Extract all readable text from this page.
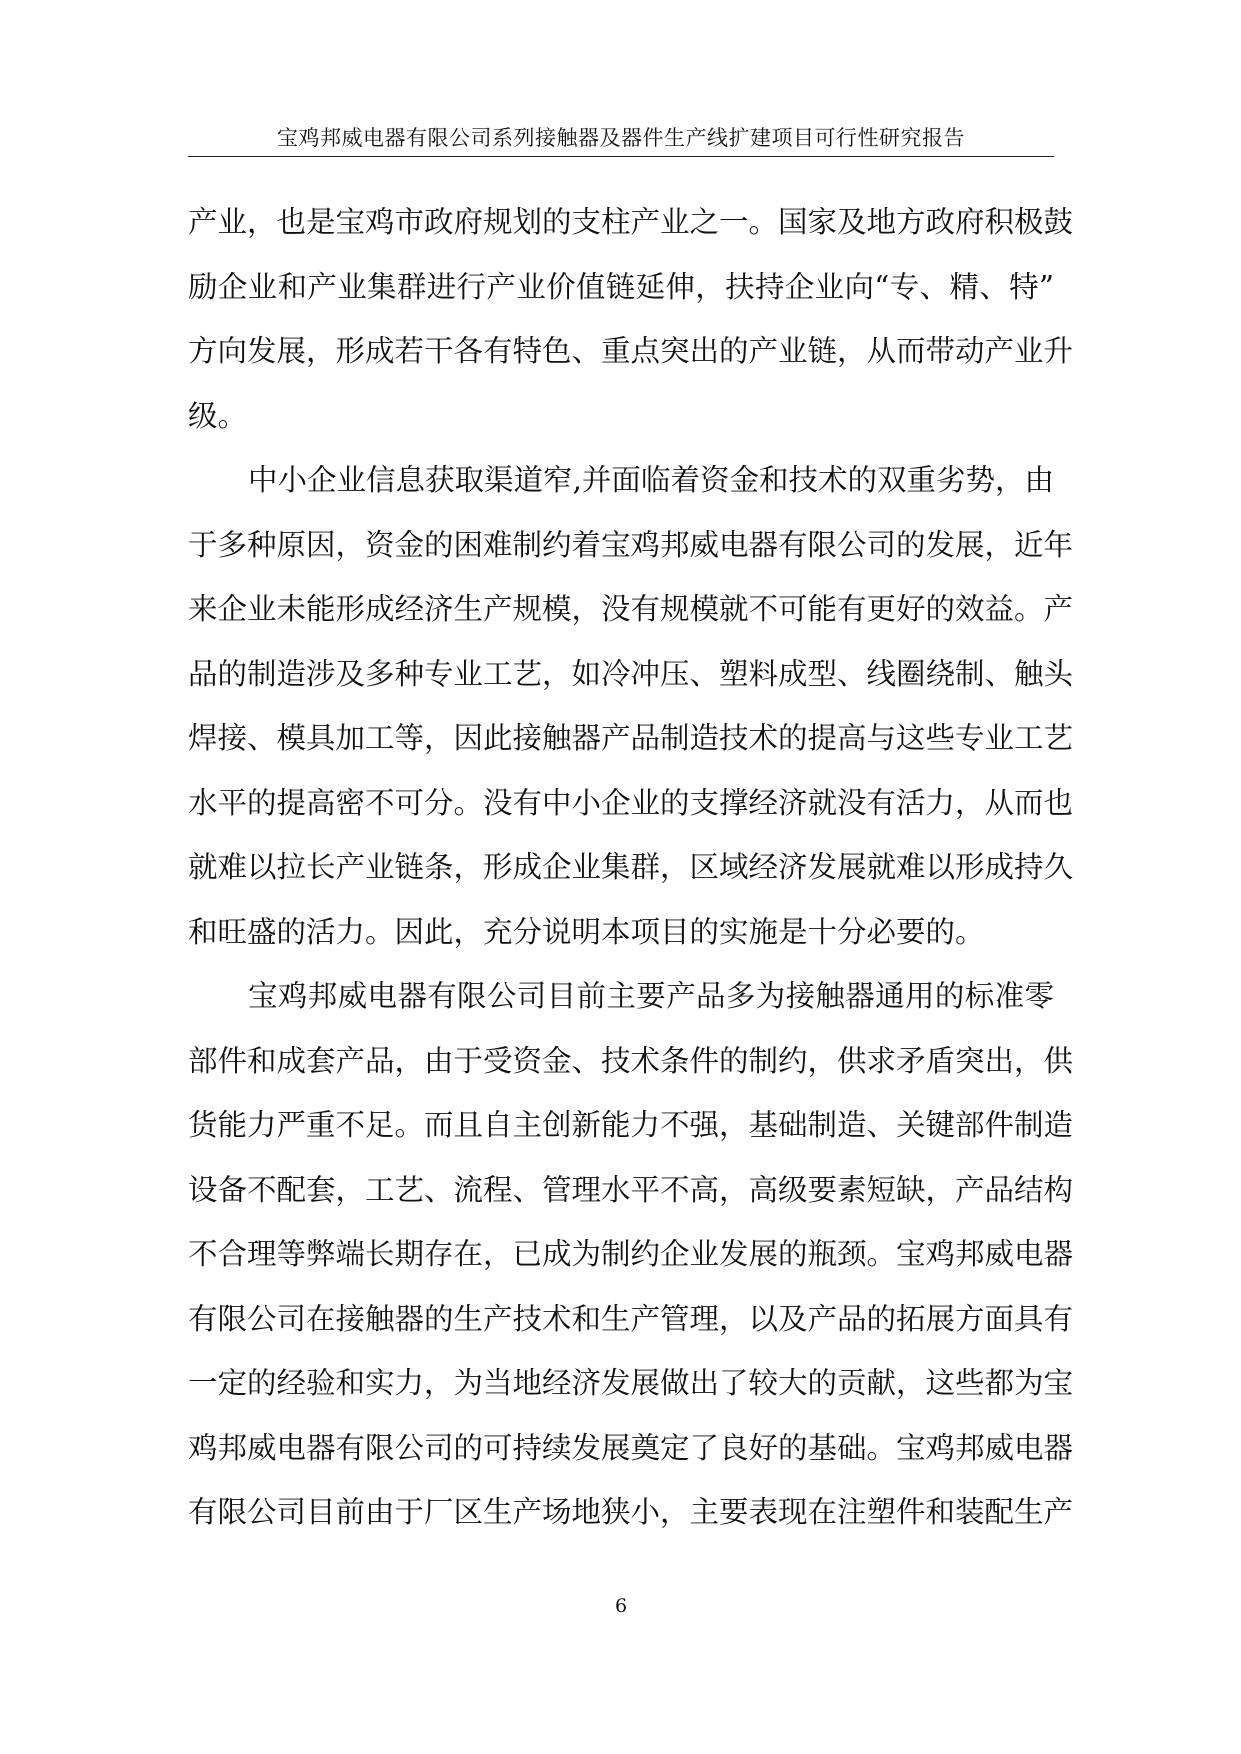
宝鸡邦威电器有限公司系列接触器及器件生产线扩建项目可行性研究报告
产业，也是宝鸡市政府规划的支柱产业之一。国家及地方政府积极鼓
励企业和产业集群进行产业价值链延伸，扶持企业向“专、精、特”
方向发展，形成若干各有特色、重点突出的产业链，从而带动产业升
级。
中小企业信息获取渠道窄,并面临着资金和技术的双重劣势，由
于多种原因，资金的困难制约着宝鸡邦威电器有限公司的发展，近年
来企业未能形成经济生产规模，没有规模就不可能有更好的效益。产
品的制造涉及多种专业工艺，如冷冲压、塑料成型、线圈绕制、触头
焊接、模具加工等，因此接触器产品制造技术的提高与这些专业工艺
水平的提高密不可分。没有中小企业的支撑经济就没有活力，从而也
就难以拉长产业链条，形成企业集群，区域经济发展就难以形成持久
和旺盛的活力。因此，充分说明本项目的实施是十分必要的。
宝鸡邦威电器有限公司目前主要产品多为接触器通用的标准零
部件和成套产品，由于受资金、技术条件的制约，供求矛盾突出，供
货能力严重不足。而且自主创新能力不强，基础制造、关键部件制造
设备不配套，工艺、流程、管理水平不高，高级要素短缺，产品结构
不合理等弊端长期存在，已成为制约企业发展的瓶颈。宝鸡邦威电器
有限公司在接触器的生产技术和生产管理，以及产品的拓展方面具有
一定的经验和实力，为当地经济发展做出了较大的贡献，这些都为宝
鸡邦威电器有限公司的可持续发展奠定了良好的基础。宝鸡邦威电器
有限公司目前由于厂区生产场地狭小，主要表现在注塑件和装配生产
6
